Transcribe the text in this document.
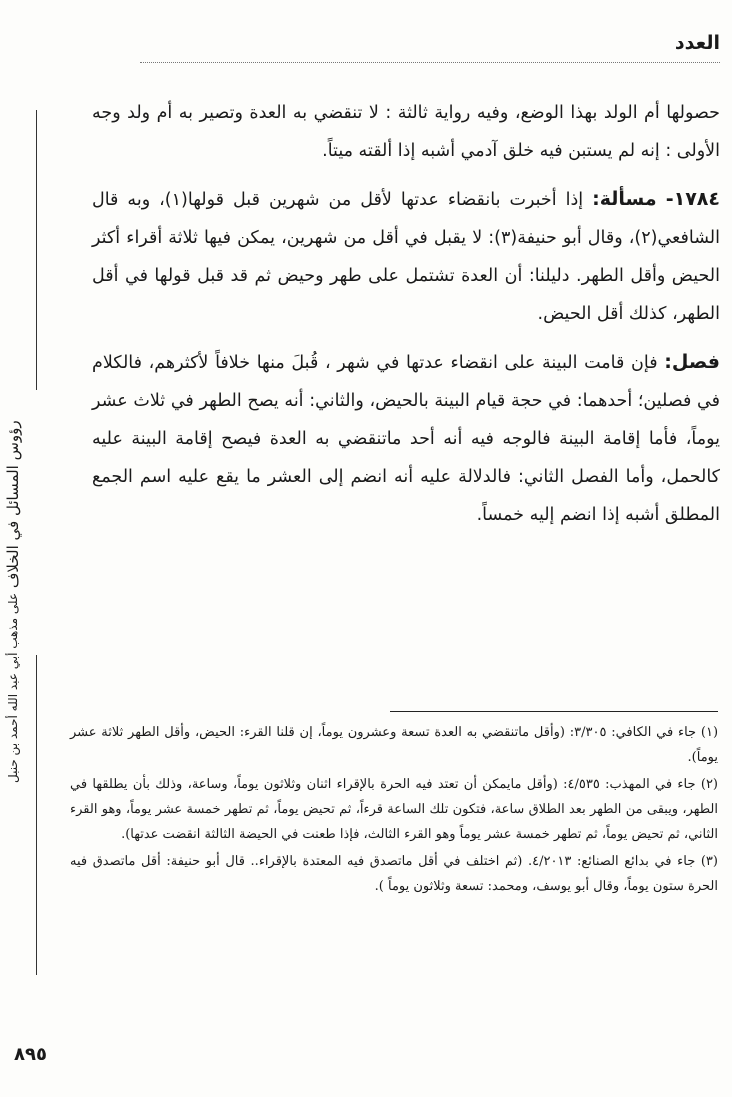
العدد
رؤوس المسائل في الخلاف على مذهب أبي عبد الله أحمد بن حنبل

حصولها أم الولد بهذا الوضع، وفيه رواية ثالثة : لا تنقضي به العدة وتصير به أم ولد وجه الأولى : إنه لم يستبن فيه خلق آدمي أشبه إذا ألقته ميتاً.

١٧٨٤- مسألة: إذا أخبرت بانقضاء عدتها لأقل من شهرين قبل قولها(١)، وبه قال الشافعي(٢)، وقال أبو حنيفة(٣): لا يقبل في أقل من شهرين، يمكن فيها ثلاثة أقراء أكثر الحيض وأقل الطهر. دليلنا: أن العدة تشتمل على طهر وحيض ثم قد قبل قولها في أقل الطهر، كذلك أقل الحيض.

فصل: فإن قامت البينة على انقضاء عدتها في شهر ، قُبلَ منها خلافاً لأكثرهم، فالكلام في فصلين؛ أحدهما: في حجة قيام البينة بالحيض، والثاني: أنه يصح الطهر في ثلاث عشر يوماً، فأما إقامة البينة فالوجه فيه أنه أحد ماتنقضي به العدة فيصح إقامة البينة عليه كالحمل، وأما الفصل الثاني: فالدلالة عليه أنه انضم إلى العشر ما يقع عليه اسم الجمع المطلق أشبه إذا انضم إليه خمساً.

(١) جاء في الكافي: ٣/٣٠٥: (وأقل ماتنقضي به العدة تسعة وعشرون يوماً، إن قلنا القرء: الحيض، وأقل الطهر ثلاثة عشر يوماً).

(٢) جاء في المهذب: ٤/٥٣٥: (وأقل مايمكن أن تعتد فيه الحرة بالإقراء اثنان وثلاثون يوماً، وساعة، وذلك بأن يطلقها في الطهر، ويبقى من الطهر بعد الطلاق ساعة، فتكون تلك الساعة قرءاً، ثم تحيض يوماً، ثم تطهر خمسة عشر يوماً، وهو القرء الثاني، ثم تحيض يوماً، ثم تطهر خمسة عشر يوماً وهو القرء الثالث، فإذا طعنت في الحيضة الثالثة انقضت عدتها).

(٣) جاء في بدائع الصنائع: ٤/٢٠١٣. (ثم اختلف في أقل ماتصدق فيه المعتدة بالإقراء.. قال أبو حنيفة: أقل ماتصدق فيه الحرة ستون يوماً، وقال أبو يوسف، ومحمد: تسعة وثلاثون يوماً ).

٨٩٥
